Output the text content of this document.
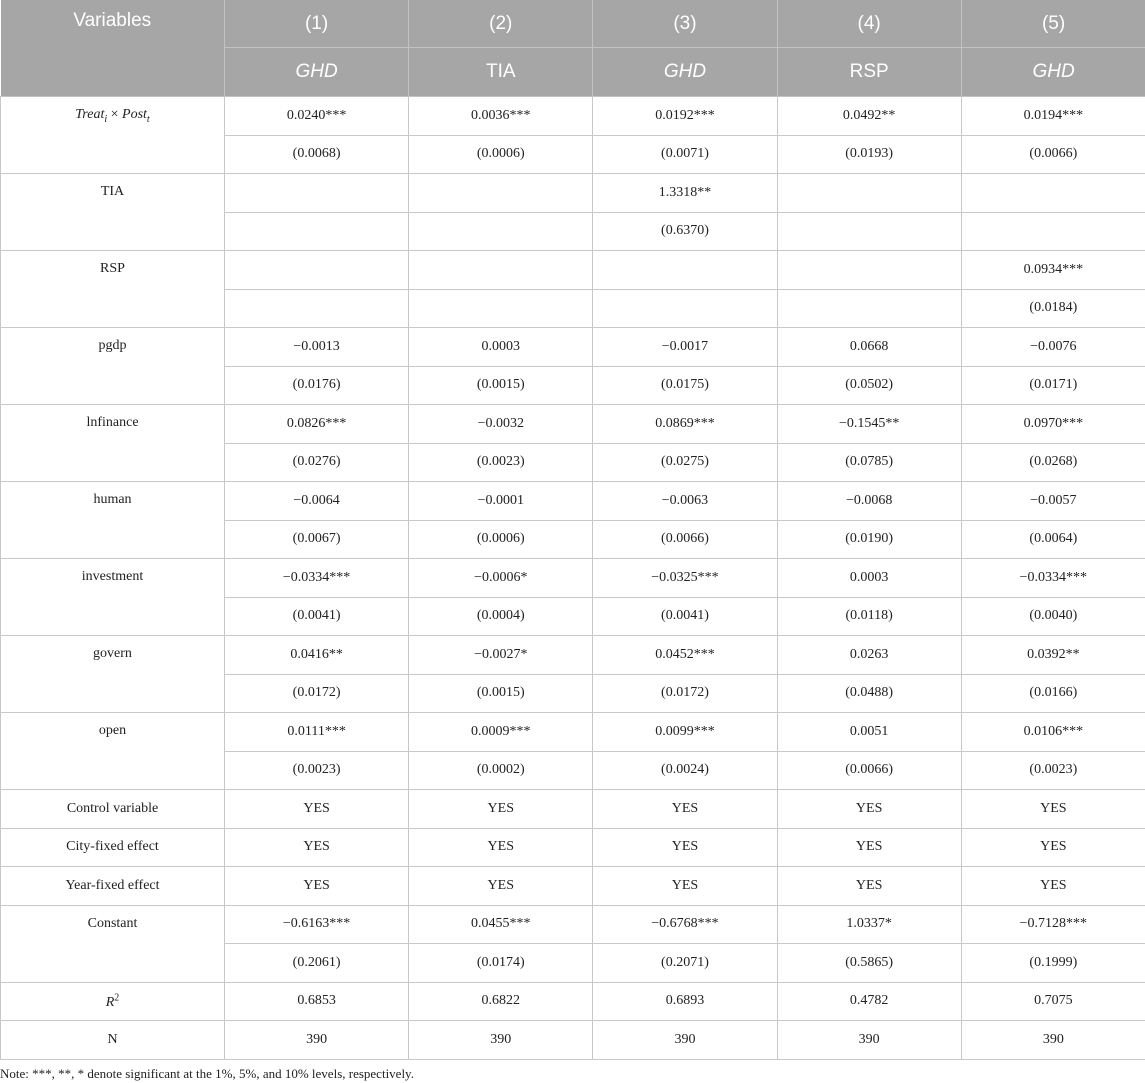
Variables	(1)	(2)	(3)	(4)	(5)
	GHD	TIA	GHD	RSP	GHD
Treat$_i$ × Post$_t$	0.0240***	0.0036***	0.0192***	0.0492**	0.0194***
	(0.0068)	(0.0006)	(0.0071)	(0.0193)	(0.0066)
TIA			1.3318**		
			(0.6370)		
RSP					0.0934***
					(0.0184)
pgdp	−0.0013	0.0003	−0.0017	0.0668	−0.0076
	(0.0176)	(0.0015)	(0.0175)	(0.0502)	(0.0171)
lnfinance	0.0826***	−0.0032	0.0869***	−0.1545**	0.0970***
	(0.0276)	(0.0023)	(0.0275)	(0.0785)	(0.0268)
human	−0.0064	−0.0001	−0.0063	−0.0068	−0.0057
	(0.0067)	(0.0006)	(0.0066)	(0.0190)	(0.0064)
investment	−0.0334***	−0.0006*	−0.0325***	0.0003	−0.0334***
	(0.0041)	(0.0004)	(0.0041)	(0.0118)	(0.0040)
govern	0.0416**	−0.0027*	0.0452***	0.0263	0.0392**
	(0.0172)	(0.0015)	(0.0172)	(0.0488)	(0.0166)
open	0.0111***	0.0009***	0.0099***	0.0051	0.0106***
	(0.0023)	(0.0002)	(0.0024)	(0.0066)	(0.0023)
Control variable	YES	YES	YES	YES	YES
City-fixed effect	YES	YES	YES	YES	YES
Year-fixed effect	YES	YES	YES	YES	YES
Constant	−0.6163***	0.0455***	−0.6768***	1.0337*	−0.7128***
	(0.2061)	(0.0174)	(0.2071)	(0.5865)	(0.1999)
$R^2$	0.6853	0.6822	0.6893	0.4782	0.7075
N	390	390	390	390	390

Note: ***, **, * denote significant at the 1%, 5%, and 10% levels, respectively.
